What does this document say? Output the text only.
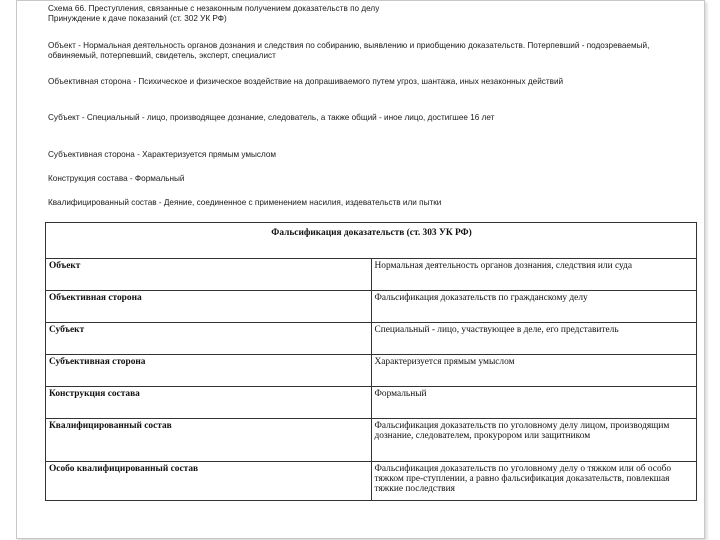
Схема 66. Преступления, связанные с незаконным получением доказательств по делу
Принуждение к даче показаний (ст. 302 УК РФ)

Объект - Нормальная деятельность органов дознания и следствия по собиранию, выявлению и приобщению доказательств. Потерпевший - подозреваемый, обвиняемый, потерпевший, свидетель, эксперт, специалист

Объективная сторона - Психическое и физическое воздействие на допрашиваемого путем угроз, шантажа, иных незаконных действий

Субъект - Специальный - лицо, производящее дознание, следователь, а также общий - иное лицо, достигшее 16 лет

Субъективная сторона - Характеризуется прямым умыслом

Конструкция состава - Формальный

Квалифицированный состав - Деяние, соединенное с применением насилия, издевательств или пытки

Фальсификация доказательств (ст. 303 УК РФ)	
Объект	Нормальная деятельность органов дознания, следствия или суда
Объективная сторона	Фальсификация доказательств по гражданскому делу
Субъект	Специальный - лицо, участвующее в деле, его представитель
Субъективная сторона	Характеризуется прямым умыслом
Конструкция состава	Формальный
Квалифицированный состав	Фальсификация доказательств по уголовному делу лицом, производящим дознание, следователем, прокурором или защитником
Особо квалифицированный состав	Фальсификация доказательств по уголовному делу о тяжком или об особо тяжком пре-ступлении, а равно фальсификация доказательств, повлекшая тяжкие последствия
